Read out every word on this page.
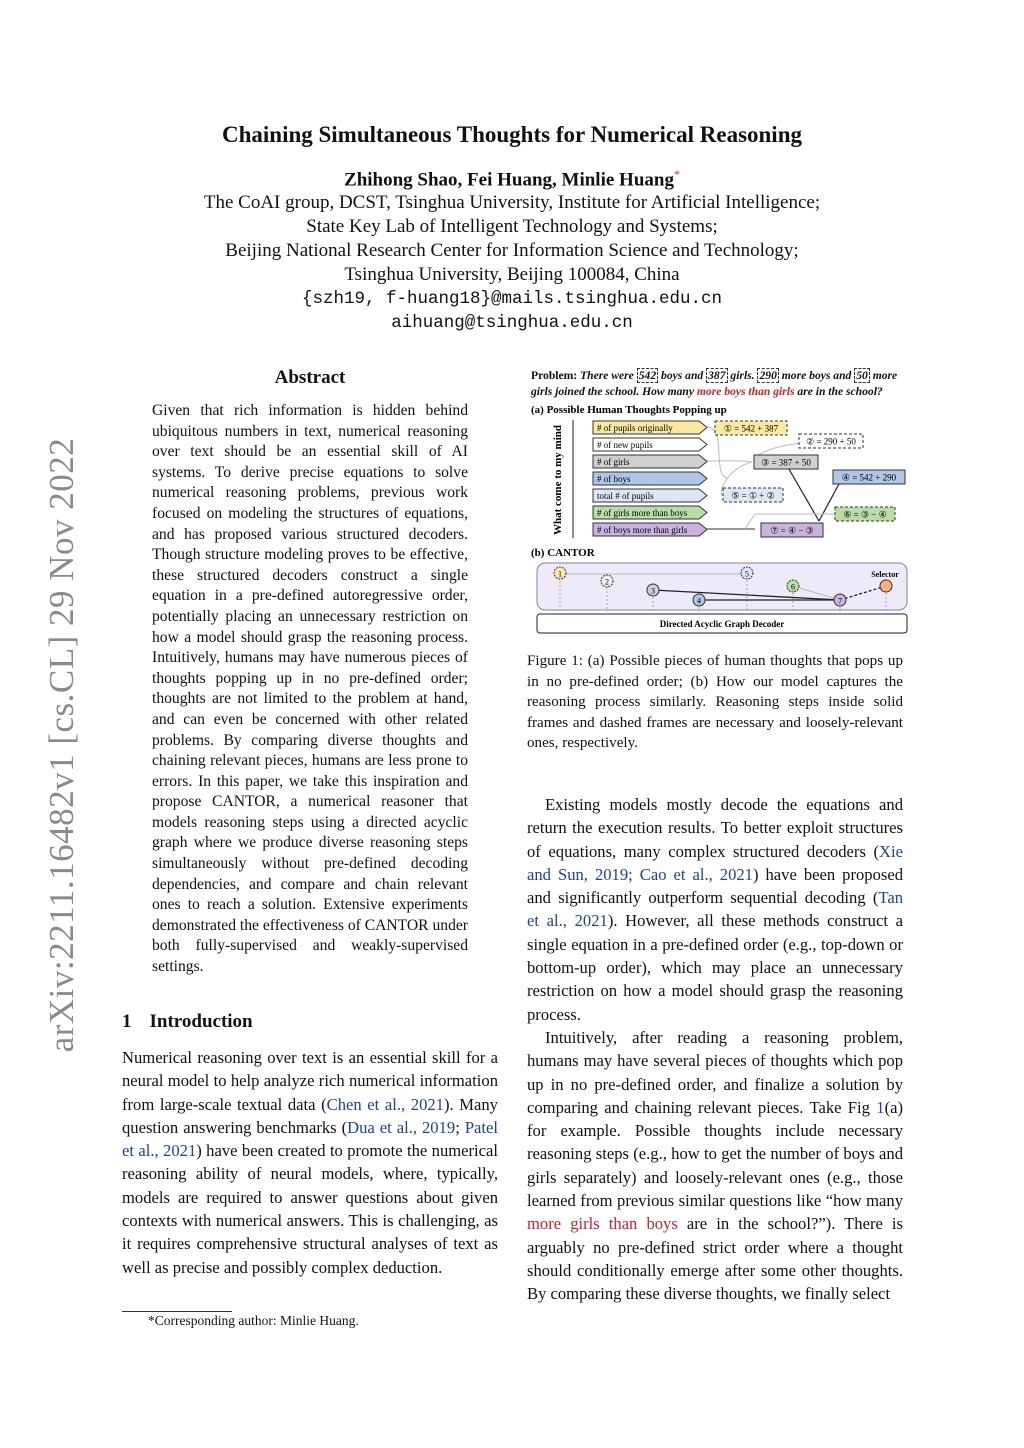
Chaining Simultaneous Thoughts for Numerical Reasoning
Zhihong Shao, Fei Huang, Minlie Huang*
The CoAI group, DCST, Tsinghua University, Institute for Artificial Intelligence;
State Key Lab of Intelligent Technology and Systems;
Beijing National Research Center for Information Science and Technology;
Tsinghua University, Beijing 100084, China
{szh19, f-huang18}@mails.tsinghua.edu.cn
aihuang@tsinghua.edu.cn
arXiv:2211.16482v1 [cs.CL] 29 Nov 2022
Abstract
Given that rich information is hidden behind ubiquitous numbers in text, numerical reasoning over text should be an essential skill of AI systems. To derive precise equations to solve numerical reasoning problems, previous work focused on modeling the structures of equations, and has proposed various structured decoders. Though structure modeling proves to be effective, these structured decoders construct a single equation in a pre-defined autoregressive order, potentially placing an unnecessary restriction on how a model should grasp the reasoning process. Intuitively, humans may have numerous pieces of thoughts popping up in no pre-defined order; thoughts are not limited to the problem at hand, and can even be concerned with other related problems. By comparing diverse thoughts and chaining relevant pieces, humans are less prone to errors. In this paper, we take this inspiration and propose CANTOR, a numerical reasoner that models reasoning steps using a directed acyclic graph where we produce diverse reasoning steps simultaneously without pre-defined decoding dependencies, and compare and chain relevant ones to reach a solution. Extensive experiments demonstrated the effectiveness of CANTOR under both fully-supervised and weakly-supervised settings.
1 Introduction

Numerical reasoning over text is an essential skill for a neural model to help analyze rich numerical information from large-scale textual data (Chen et al., 2021). Many question answering benchmarks (Dua et al., 2019; Patel et al., 2021) have been created to promote the numerical reasoning ability of neural models, where, typically, models are required to answer questions about given contexts with numerical answers. This is challenging, as it requires comprehensive structural analyses of text as well as precise and possibly complex deduction.

*Corresponding author: Minlie Huang.
Problem: There were 542 boys and 387 girls. 290 more boys and 50 more girls joined the school. How many more boys than girls are in the school?
(a) Possible Human Thoughts Popping up
What come to my mind	# of pupils originally
# of new pupils
# of girls
# of boys
total # of pupils
# of girls more than boys
# of boys more than girls
① = 542 + 387
② = 290 + 50
③ = 387 + 50
④ = 542 + 290
⑤ = ① + ②
⑥ = ③ − ④
⑦ = ④ − ③
(b) CANTOR
1
2
3
4
5
6
7
Selector
Directed Acyclic Graph Decoder
Figure 1: (a) Possible pieces of human thoughts that pops up in no pre-defined order; (b) How our model captures the reasoning process similarly. Reasoning steps inside solid frames and dashed frames are necessary and loosely-relevant ones, respectively.

Existing models mostly decode the equations and return the execution results. To better exploit structures of equations, many complex structured decoders (Xie and Sun, 2019; Cao et al., 2021) have been proposed and significantly outperform sequential decoding (Tan et al., 2021). However, all these methods construct a single equation in a pre-defined order (e.g., top-down or bottom-up order), which may place an unnecessary restriction on how a model should grasp the reasoning process.

Intuitively, after reading a reasoning problem, humans may have several pieces of thoughts which pop up in no pre-defined order, and finalize a solution by comparing and chaining relevant pieces. Take Fig 1(a) for example. Possible thoughts include necessary reasoning steps (e.g., how to get the number of boys and girls separately) and loosely-relevant ones (e.g., those learned from previous similar questions like “how many more girls than boys are in the school?”). There is arguably no pre-defined strict order where a thought should conditionally emerge after some other thoughts. By comparing these diverse thoughts, we finally select
